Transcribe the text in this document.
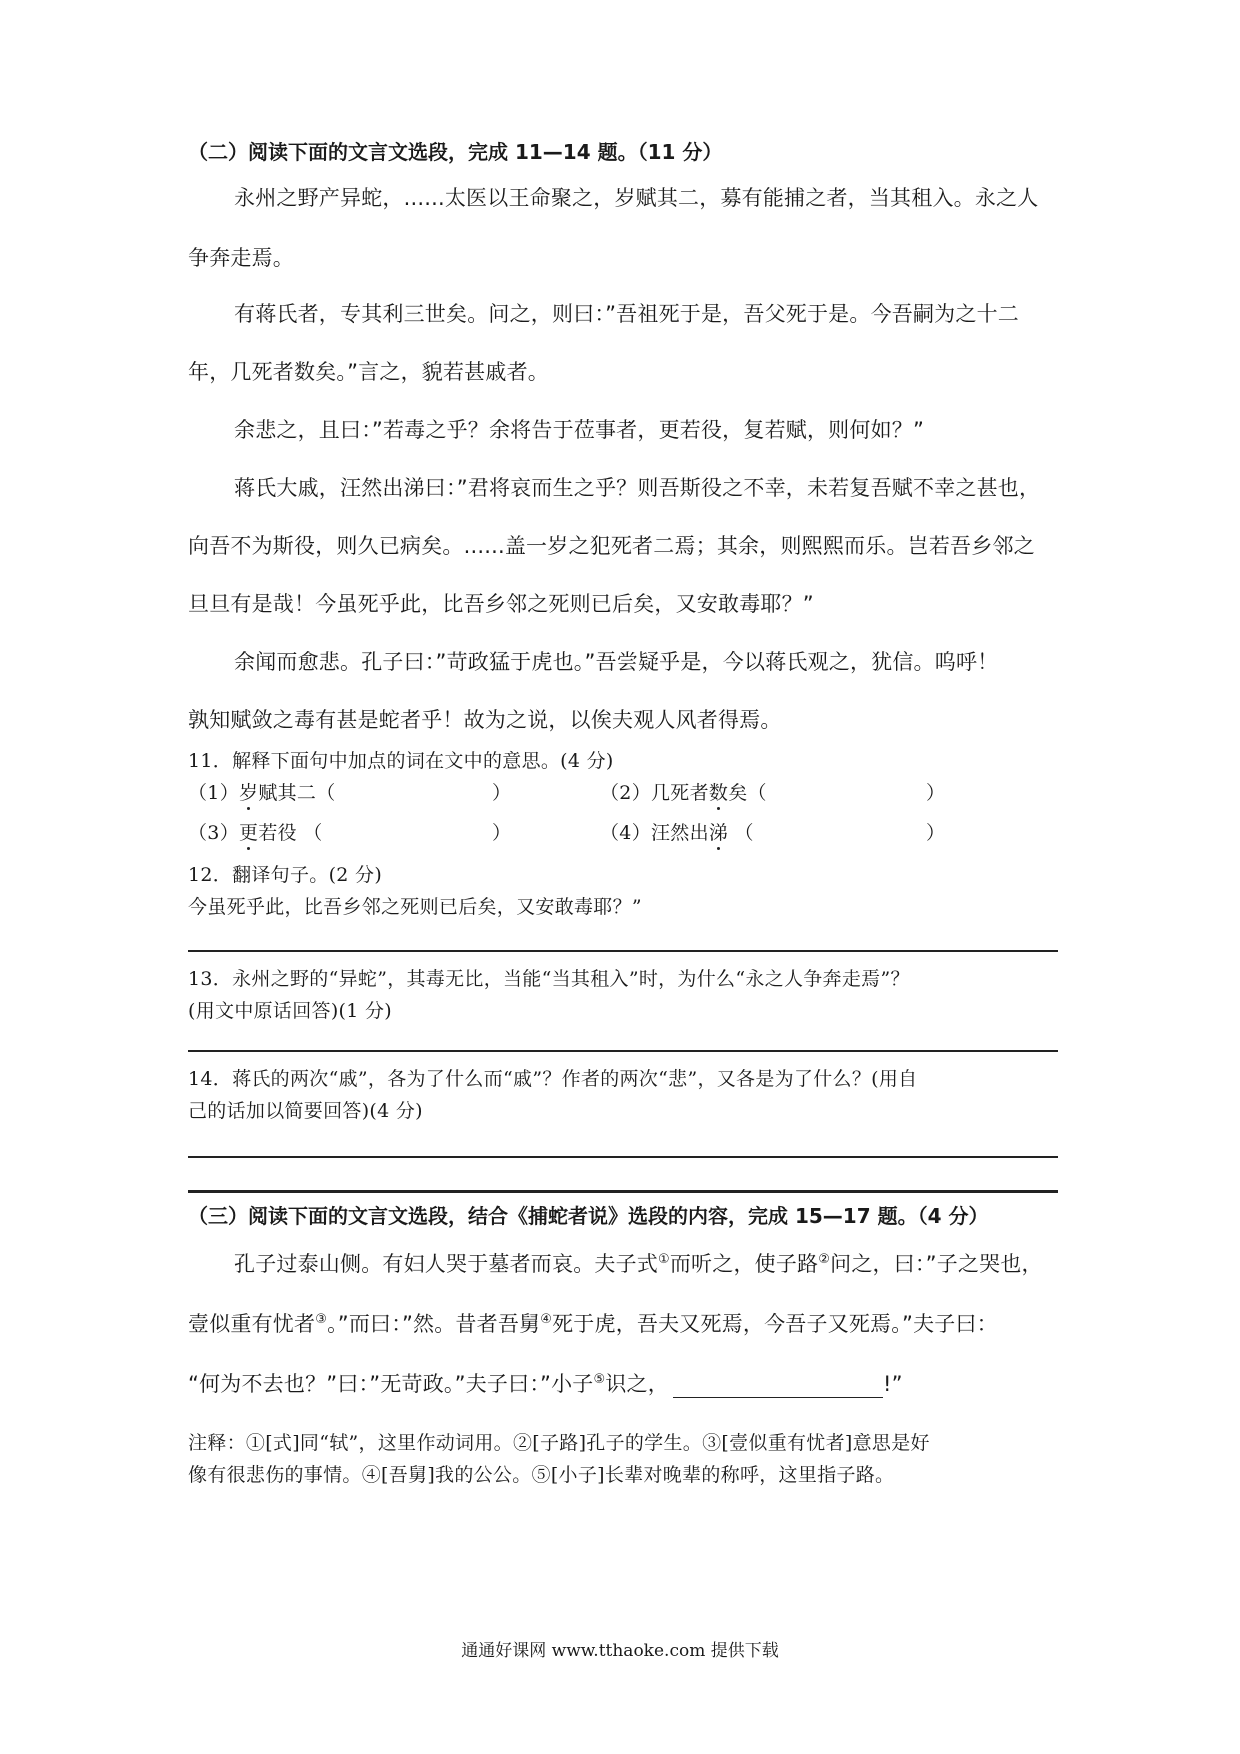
（二）阅读下面的文言文选段，完成 11—14 题。（11 分）
永州之野产异蛇，......太医以王命聚之，岁赋其二，募有能捕之者，当其租入。永之人
争奔走焉。
有蒋氏者，专其利三世矣。问之，则曰：”吾祖死于是，吾父死于是。今吾嗣为之十二
年，几死者数矣。”言之，貌若甚戚者。
余悲之，且曰：”若毒之乎？余将告于莅事者，更若役，复若赋，则何如？”
蒋氏大戚，汪然出涕曰：”君将哀而生之乎？则吾斯役之不幸，未若复吾赋不幸之甚也，
向吾不为斯役，则久已病矣。......盖一岁之犯死者二焉；其余，则熙熙而乐。岂若吾乡邻之
旦旦有是哉！今虽死乎此，比吾乡邻之死则已后矣，又安敢毒耶？”
余闻而愈悲。孔子曰：”苛政猛于虎也。”吾尝疑乎是，今以蒋氏观之，犹信。呜呼！
孰知赋敛之毒有甚是蛇者乎！故为之说，以俟夫观人风者得焉。
11．解释下面句中加点的词在文中的意思。(4 分)
（1）岁赋其二（	）	（2）几死者数矣（	）
（3）更若役 （	）	（4）汪然出涕 （	）
12．翻译句子。(2 分)
今虽死乎此，比吾乡邻之死则已后矣，又安敢毒耶？”
13．永州之野的“异蛇”，其毒无比，当能“当其租入”时，为什么“永之人争奔走焉”？
(用文中原话回答)(1 分)
14．蒋氏的两次“戚”，各为了什么而“戚”？作者的两次“悲”，又各是为了什么？(用自
己的话加以简要回答)(4 分)
（三）阅读下面的文言文选段，结合《捕蛇者说》选段的内容，完成 15—17 题。（4 分）
孔子过泰山侧。有妇人哭于墓者而哀。夫子式①而听之，使子路②问之，曰：”子之哭也，
壹似重有忧者③。”而曰：”然。昔者吾舅④死于虎，吾夫又死焉，今吾子又死焉。”夫子曰：
“何为不去也？”曰：”无苛政。”夫子曰：”小子⑤识之，	!”
注释：①[式]同“轼”，这里作动词用。②[子路]孔子的学生。③[壹似重有忧者]意思是好
像有很悲伤的事情。④[吾舅]我的公公。⑤[小子]长辈对晚辈的称呼，这里指子路。
通通好课网 www.tthaoke.com 提供下载
